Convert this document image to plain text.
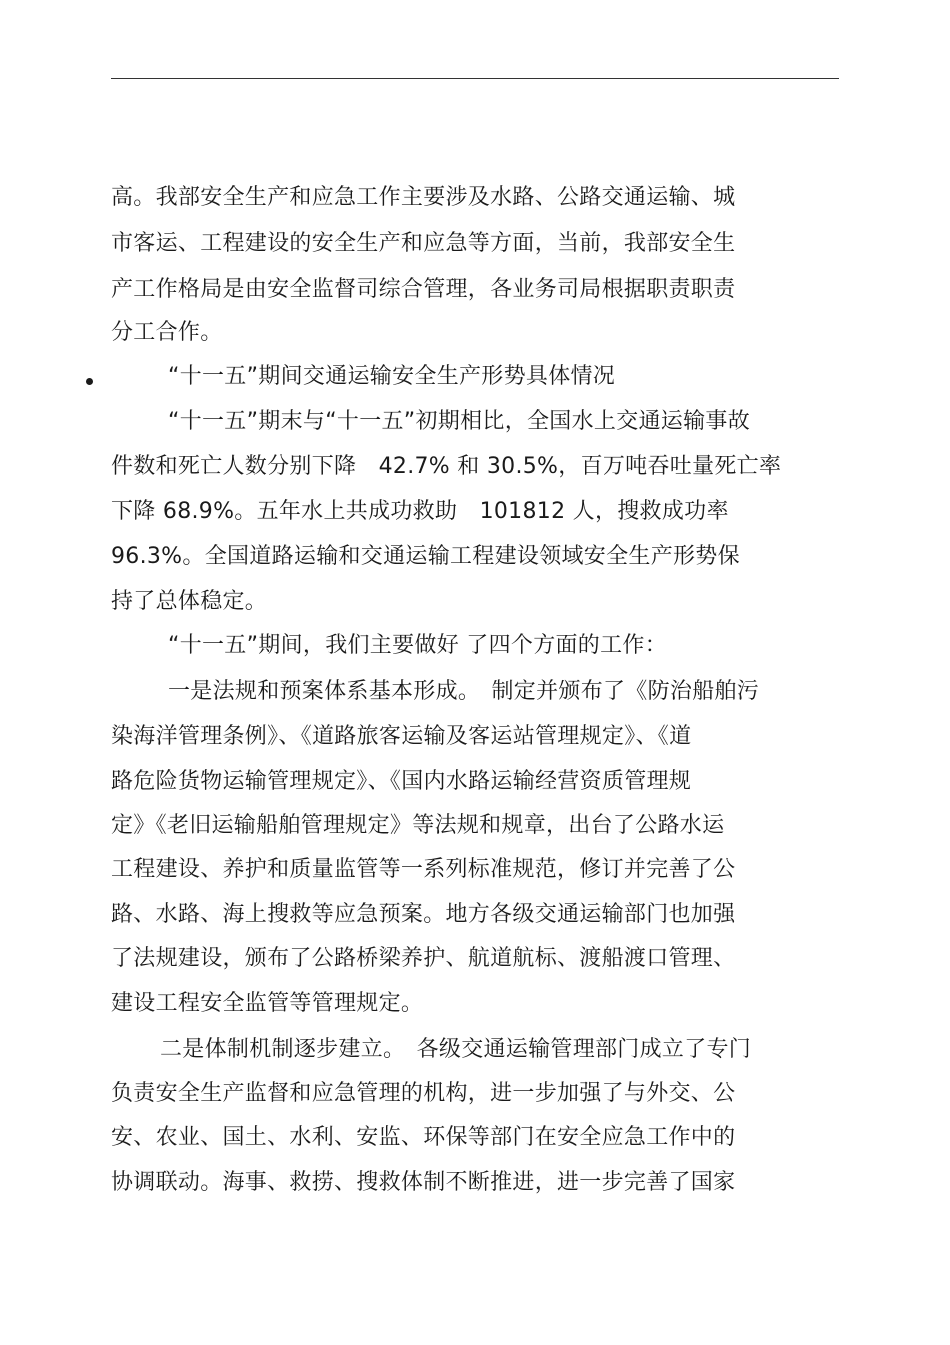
高。我部安全生产和应急工作主要涉及水路、公路交通运输、城
市客运、工程建设的安全生产和应急等方面，当前，我部安全生
产工作格局是由安全监督司综合管理，各业务司局根据职责职责
分工合作。
“十一五”期间交通运输安全生产形势具体情况
“十一五”期末与“十一五”初期相比，全国水上交通运输事故
件数和死亡人数分别下降　42.7% 和 30.5%，百万吨吞吐量死亡率
下降 68.9%。五年水上共成功救助　101812 人，搜救成功率
96.3%。全国道路运输和交通运输工程建设领域安全生产形势保
持了总体稳定。
“十一五”期间，我们主要做好 了四个方面的工作：
一是法规和预案体系基本形成。　制定并颁布了《防治船舶污
染海洋管理条例》、《道路旅客运输及客运站管理规定》、《道
路危险货物运输管理规定》、《国内水路运输经营资质管理规
定》《老旧运输船舶管理规定》等法规和规章，出台了公路水运
工程建设、养护和质量监管等一系列标准规范，修订并完善了公
路、水路、海上搜救等应急预案。地方各级交通运输部门也加强
了法规建设，颁布了公路桥梁养护、航道航标、渡船渡口管理、
建设工程安全监管等管理规定。
二是体制机制逐步建立。　各级交通运输管理部门成立了专门
负责安全生产监督和应急管理的机构，进一步加强了与外交、公
安、农业、国土、水利、安监、环保等部门在安全应急工作中的
协调联动。海事、救捞、搜救体制不断推进，进一步完善了国家
